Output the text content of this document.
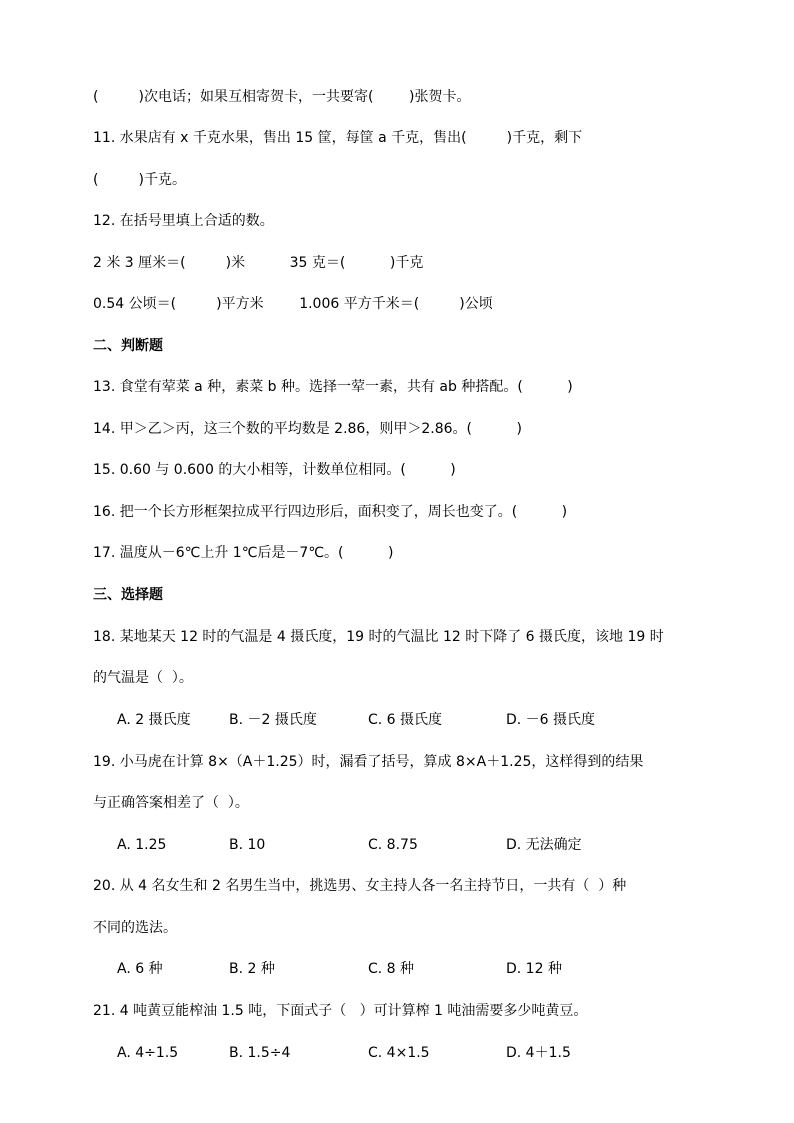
(         )次电话；如果互相寄贺卡，一共要寄(        )张贺卡。
11. 水果店有 x 千克水果，售出 15 筐，每筐 a 千克，售出(         )千克，剩下
(         )千克。
12. 在括号里填上合适的数。
2 米 3 厘米＝(         )米          35 克＝(          )千克
0.54 公顷＝(         )平方米        1.006 平方千米＝(         )公顷
二、判断题
13. 食堂有荤菜 a 种，素菜 b 种。选择一荤一素，共有 ab 种搭配。(          )
14. 甲＞乙＞丙，这三个数的平均数是 2.86，则甲＞2.86。(          )
15. 0.60 与 0.600 的大小相等，计数单位相同。(          )
16. 把一个长方形框架拉成平行四边形后，面积变了，周长也变了。(          )
17. 温度从－6℃上升 1℃后是－7℃。(          )
三、选择题
18. 某地某天 12 时的气温是 4 摄氏度，19 时的气温比 12 时下降了 6 摄氏度，该地 19 时
的气温是（  ）。
A. 2 摄氏度	B. －2 摄氏度	C. 6 摄氏度	D. －6 摄氏度
19. 小马虎在计算 8×（A＋1.25）时，漏看了括号，算成 8×A＋1.25，这样得到的结果
与正确答案相差了（  ）。
A. 1.25	B. 10	C. 8.75	D. 无法确定
20. 从 4 名女生和 2 名男生当中，挑选男、女主持人各一名主持节日，一共有（  ）种
不同的选法。
A. 6 种	B. 2 种	C. 8 种	D. 12 种
21. 4 吨黄豆能榨油 1.5 吨，下面式子（   ）可计算榨 1 吨油需要多少吨黄豆。
A. 4÷1.5	B. 1.5÷4	C. 4×1.5	D. 4＋1.5
